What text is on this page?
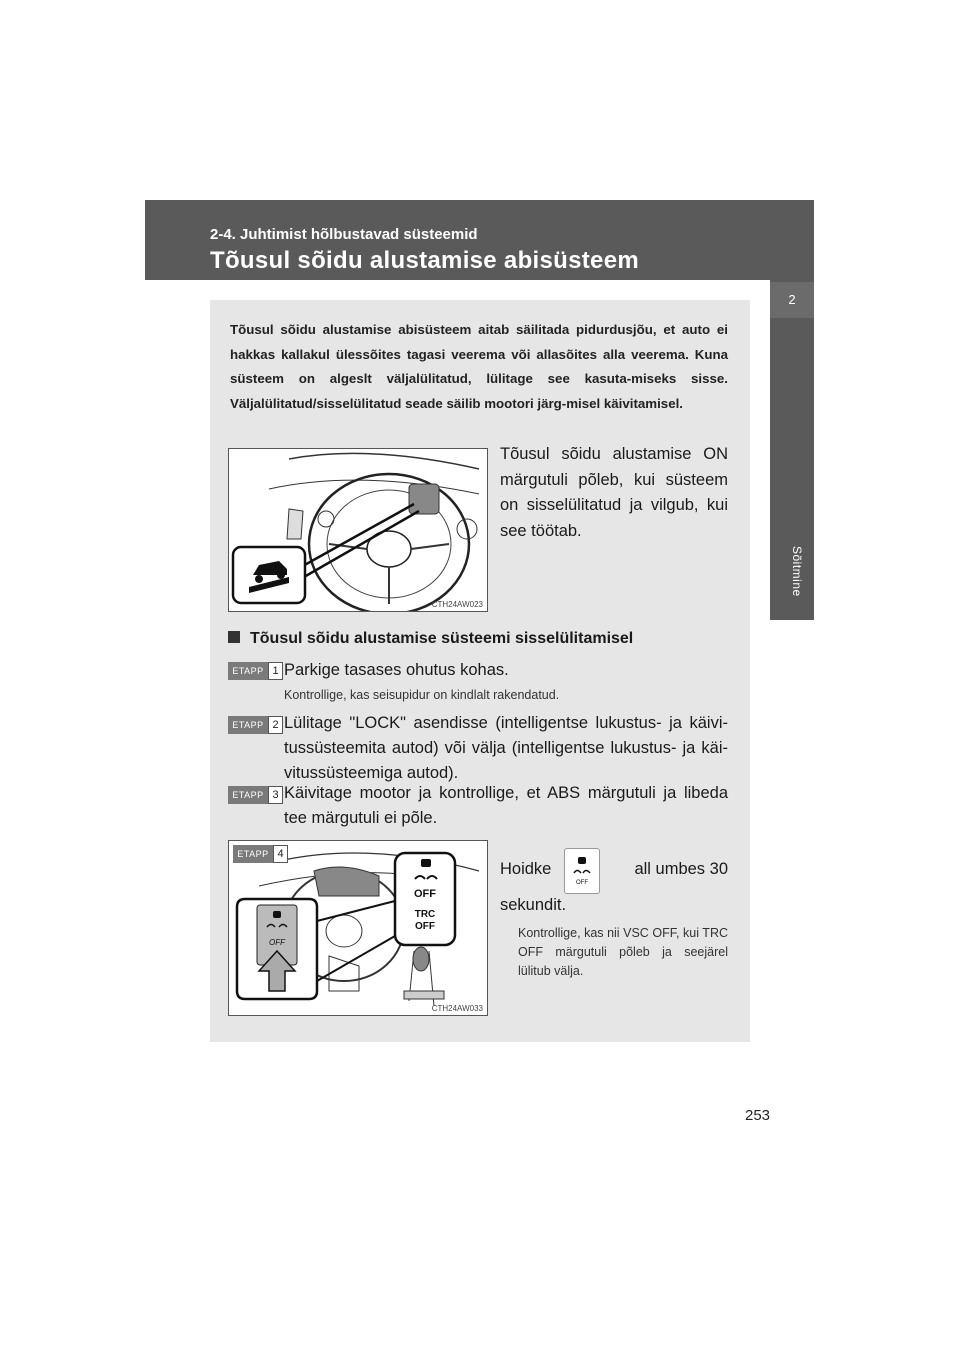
2-4. Juhtimist hõlbustavad süsteemid
Tõusul sõidu alustamise abisüsteem
2
Sõitmine
Tõusul sõidu alustamise abisüsteem aitab säilitada pidurdusjõu, et auto ei hakkas kallakul ülessõites tagasi veerema või allasõites alla veerema. Kuna süsteem on algeslt väljalülitatud, lülitage see kasuta-miseks sisse. Väljalülitatud/sisselülitatud seade säilib mootori järg-misel käivitamisel.
CTH24AW023
Tõusul sõidu alustamise ON märgutuli põleb, kui süsteem on sisselülitatud ja vilgub, kui see töötab.
Tõusul sõidu alustamise süsteemi sisselülitamisel
ETAPP 1 Parkige tasases ohutus kohas.
Kontrollige, kas seisupidur on kindlalt rakendatud.
ETAPP 2 Lülitage "LOCK" asendisse (intelligentse lukustus- ja käivi-tussüsteemita autod) või välja (intelligentse lukustus- ja käi-vitussüsteemiga autod).
ETAPP 3 Käivitage mootor ja kontrollige, et ABS märgutuli ja libeda tee märgutuli ei põle.
OFF
TRC
OFF
OFF
ETAPP 4
CTH24AW033
Hoidke
OFF
all umbes 30
sekundit.
Kontrollige, kas nii VSC OFF, kui TRC OFF märgutuli põleb ja seejärel lülitub välja.
253
